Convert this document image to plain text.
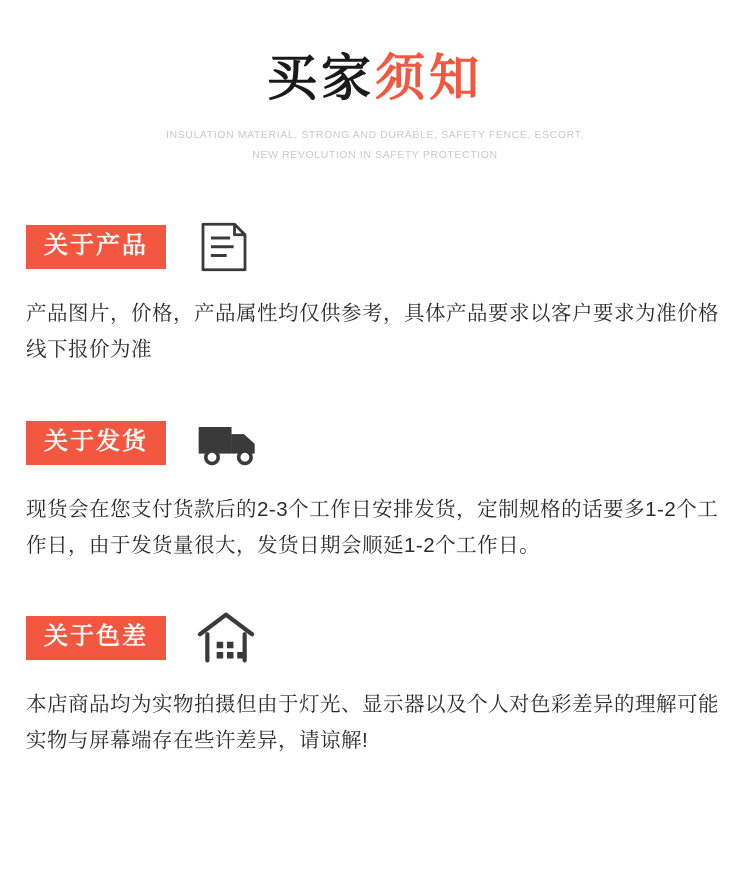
买家须知
INSULATION MATERIAL, STRONG AND DURABLE, SAFETY FENCE, ESCORT,
NEW REVOLUTION IN SAFETY PROTECTION
关于产品
产品图片，价格，产品属性均仅供参考，具体产品要求以客户要求为准价格线下报价为准
关于发货
现货会在您支付货款后的2-3个工作日安排发货，定制规格的话要多1-2个工作日，由于发货量很大，发货日期会顺延1-2个工作日。
关于色差
本店商品均为实物拍摄但由于灯光、显示器以及个人对色彩差异的理解可能实物与屏幕端存在些许差异，请谅解!
